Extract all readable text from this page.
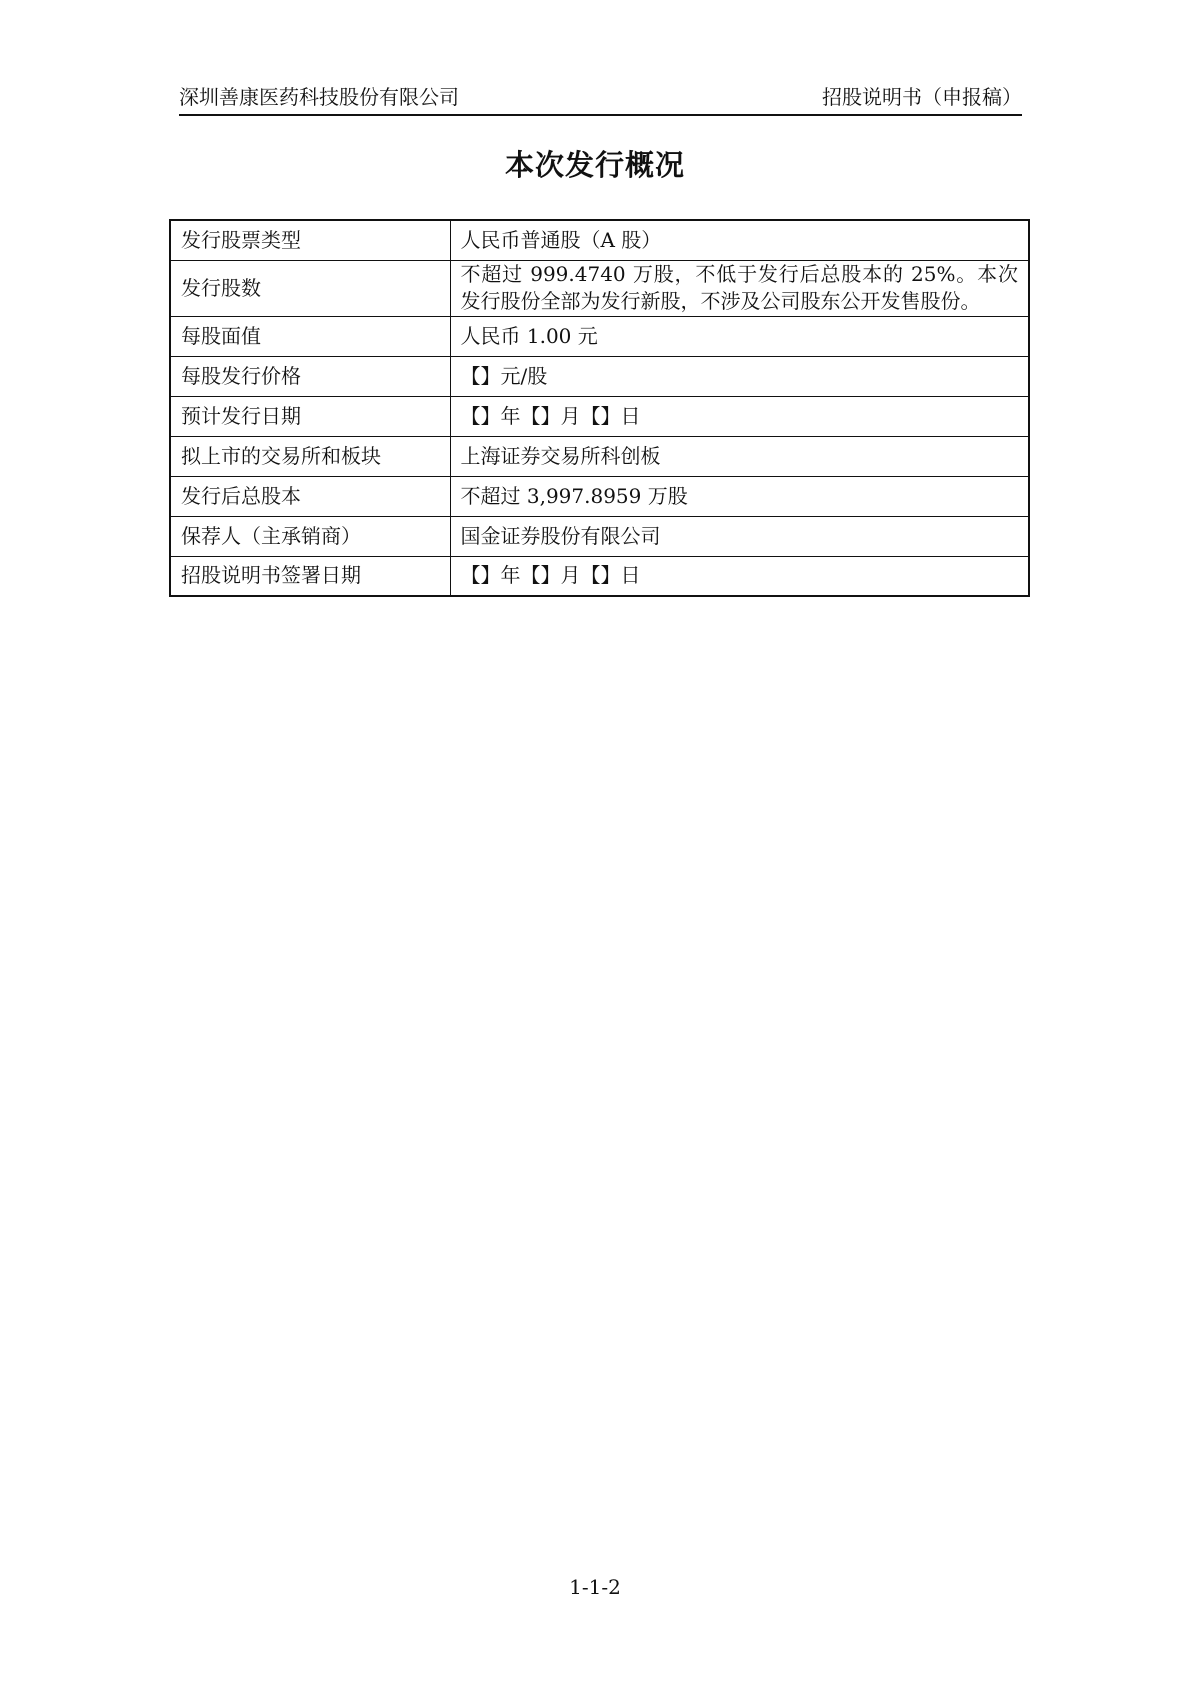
深圳善康医药科技股份有限公司	招股说明书（申报稿）
本次发行概况
发行股票类型	人民币普通股（A 股）
发行股数	不超过 999.4740 万股，不低于发行后总股本的 25%。本次发行股份全部为发行新股，不涉及公司股东公开发售股份。
每股面值	人民币 1.00 元
每股发行价格	【】元/股
预计发行日期	【】年【】月【】日
拟上市的交易所和板块	上海证券交易所科创板
发行后总股本	不超过 3,997.8959 万股
保荐人（主承销商）	国金证券股份有限公司
招股说明书签署日期	【】年【】月【】日
1-1-2
